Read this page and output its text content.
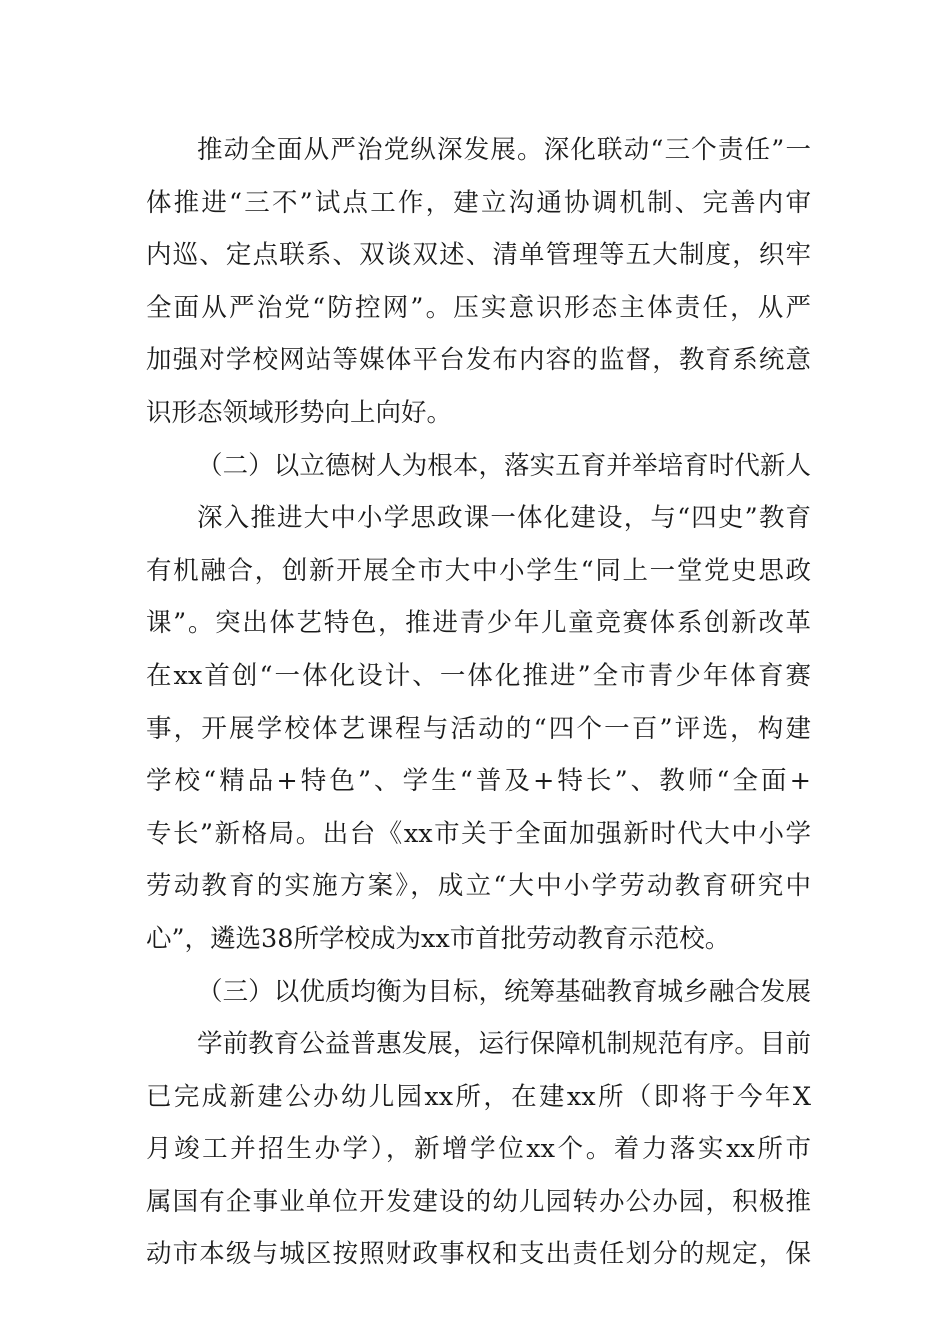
推动全面从严治党纵深发展。深化联动“三个责任”一
体推进“三不”试点工作，建立沟通协调机制、完善内审
内巡、定点联系、双谈双述、清单管理等五大制度，织牢
全面从严治党“防控网”。压实意识形态主体责任，从严
加强对学校网站等媒体平台发布内容的监督，教育系统意
识形态领域形势向上向好。
（二）以立德树人为根本，落实五育并举培育时代新人
深入推进大中小学思政课一体化建设，与“四史”教育
有机融合，创新开展全市大中小学生“同上一堂党史思政
课”。突出体艺特色，推进青少年儿童竞赛体系创新改革
在xx首创“一体化设计、一体化推进”全市青少年体育赛
事，开展学校体艺课程与活动的“四个一百”评选，构建
学校“精品+特色”、学生“普及+特长”、教师“全面+
专长”新格局。出台《xx市关于全面加强新时代大中小学
劳动教育的实施方案》，成立“大中小学劳动教育研究中
心”，遴选38所学校成为xx市首批劳动教育示范校。
（三）以优质均衡为目标，统筹基础教育城乡融合发展
学前教育公益普惠发展，运行保障机制规范有序。目前
已完成新建公办幼儿园xx所，在建xx所（即将于今年X
月竣工并招生办学），新增学位xx个。着力落实xx所市
属国有企事业单位开发建设的幼儿园转办公办园，积极推
动市本级与城区按照财政事权和支出责任划分的规定，保
